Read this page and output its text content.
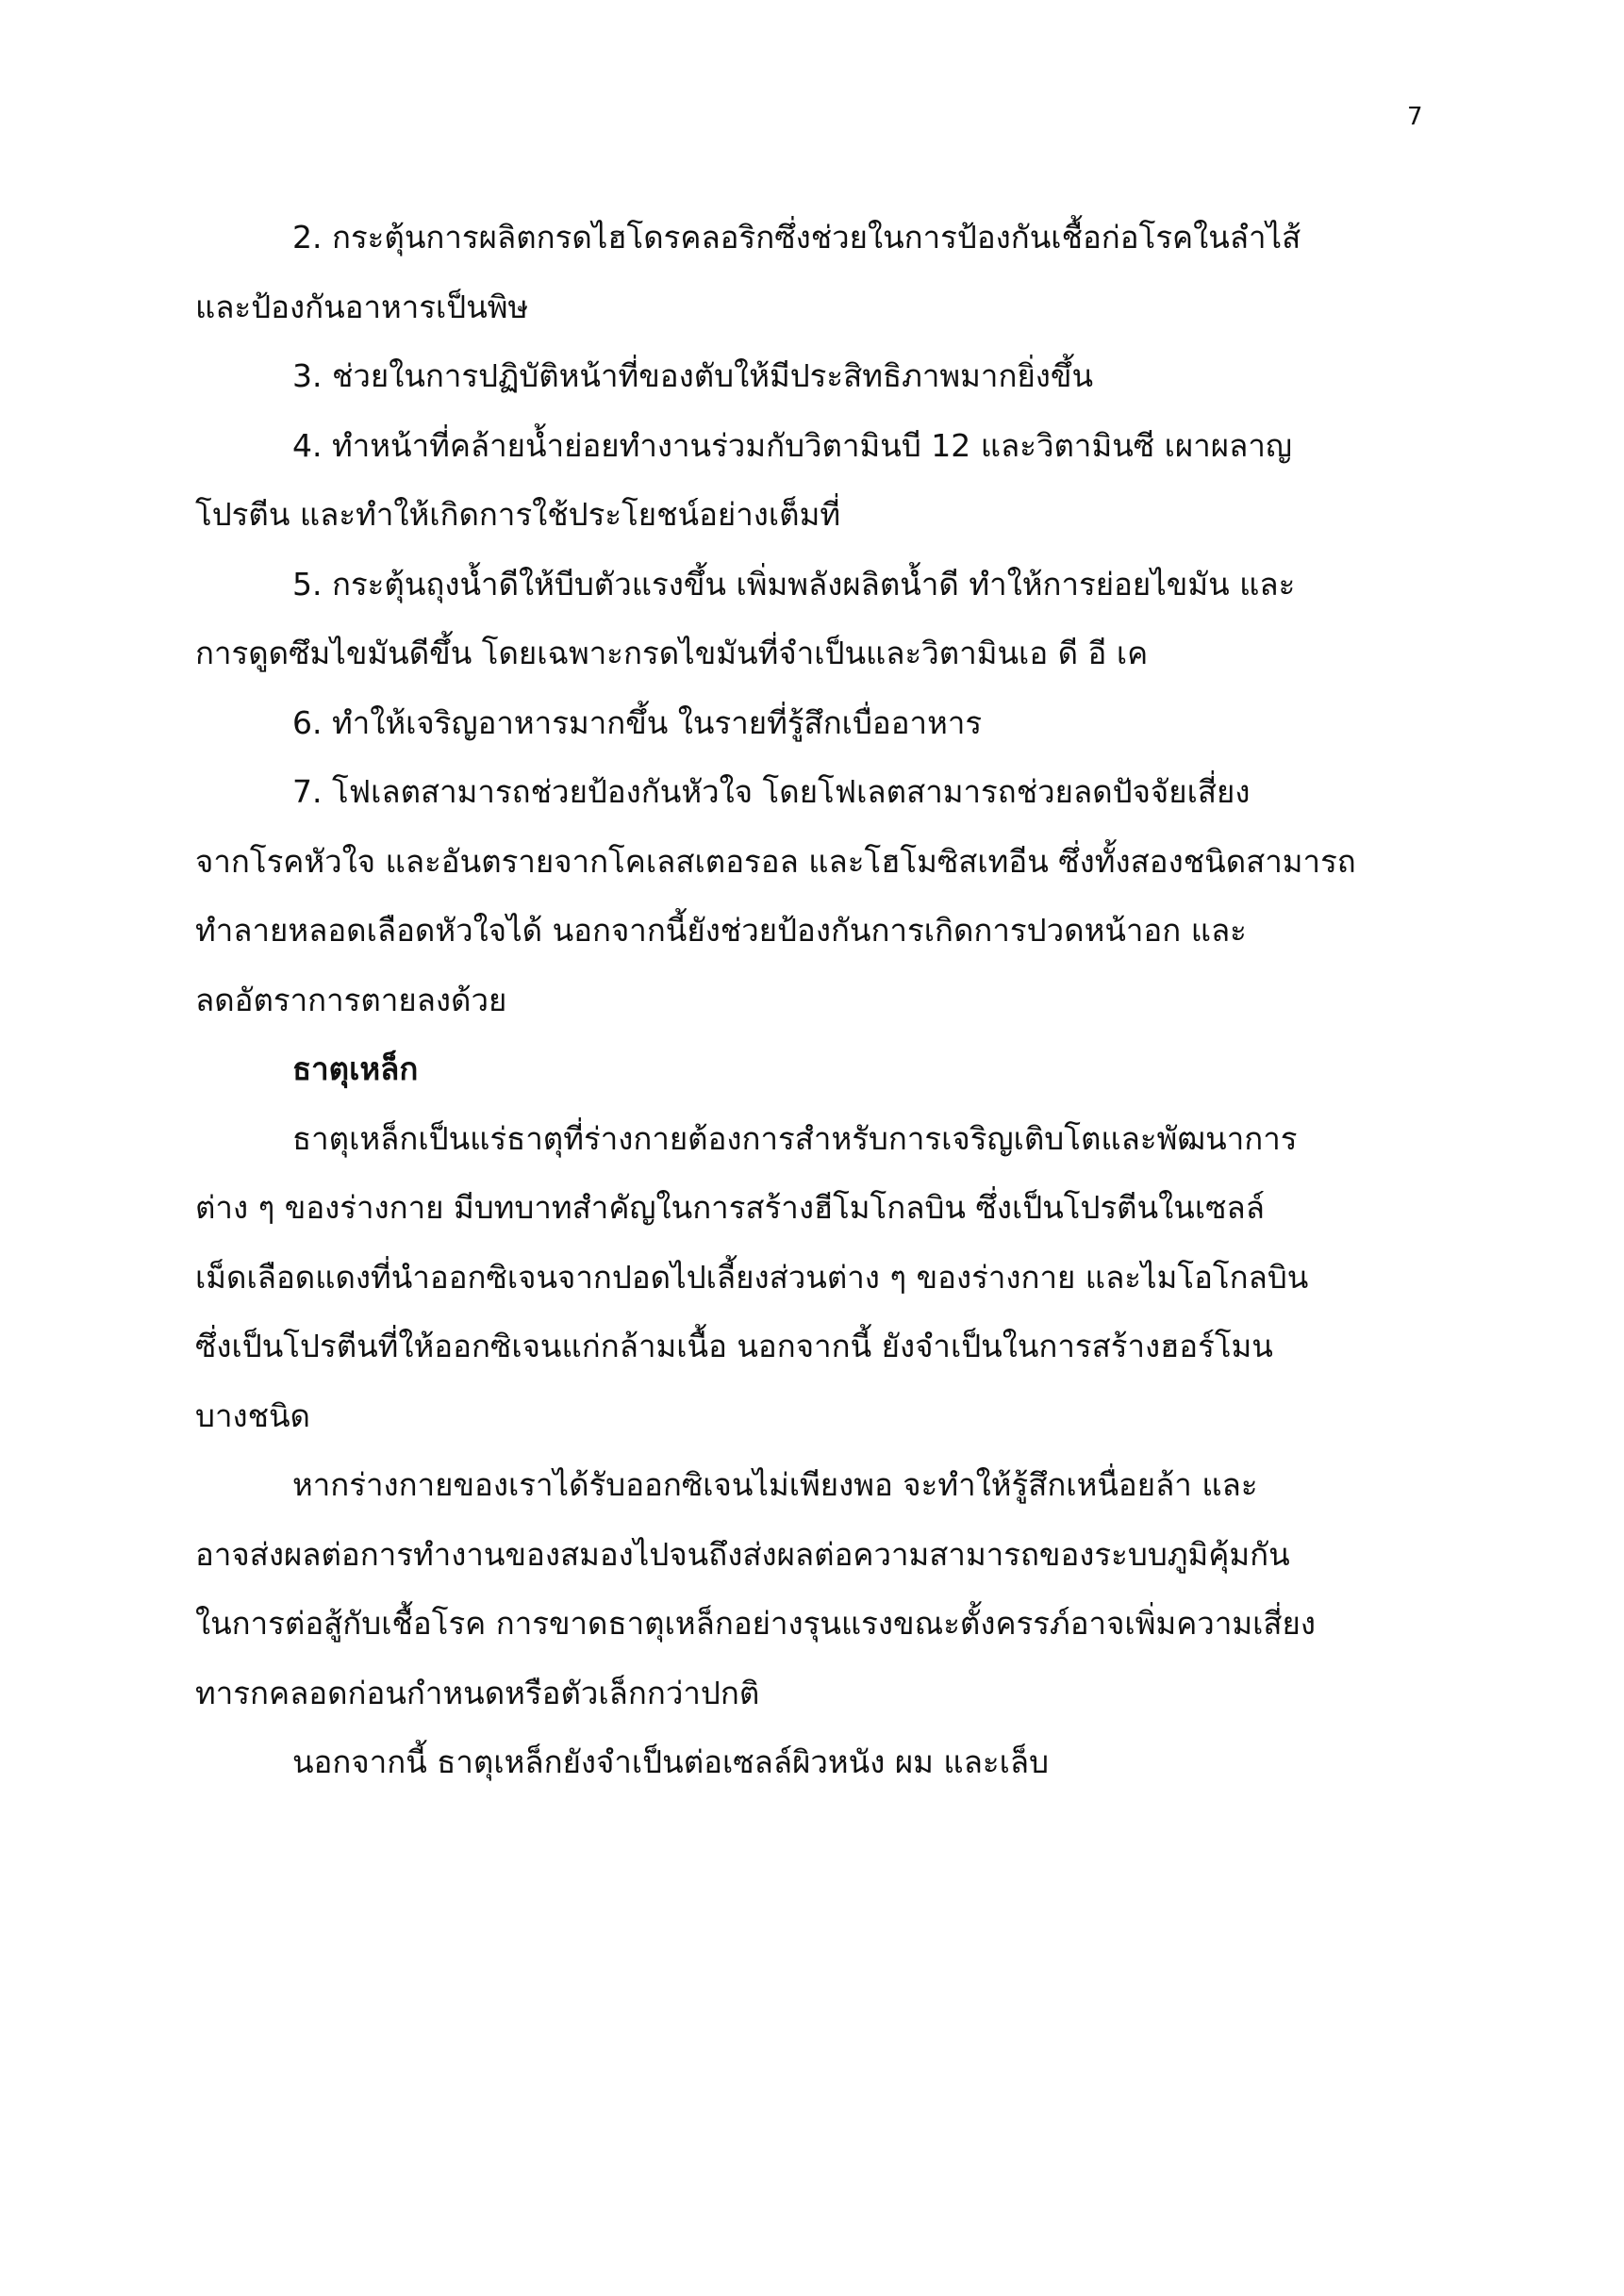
7

2. กระตุ้นการผลิตกรดไฮโดรคลอริกซึ่งช่วยในการป้องกันเชื้อก่อโรคในลำไส้
และป้องกันอาหารเป็นพิษ

3. ช่วยในการปฏิบัติหน้าที่ของตับให้มีประสิทธิภาพมากยิ่งขึ้น

4. ทำหน้าที่คล้ายน้ำย่อยทำงานร่วมกับวิตามินบี 12 และวิตามินซี เผาผลาญ
โปรตีน และทำให้เกิดการใช้ประโยชน์อย่างเต็มที่

5. กระตุ้นถุงน้ำดีให้บีบตัวแรงขึ้น เพิ่มพลังผลิตน้ำดี ทำให้การย่อยไขมัน และ
การดูดซึมไขมันดีขึ้น โดยเฉพาะกรดไขมันที่จำเป็นและวิตามินเอ ดี อี เค

6. ทำให้เจริญอาหารมากขึ้น ในรายที่รู้สึกเบื่ออาหาร

7. โฟเลตสามารถช่วยป้องกันหัวใจ โดยโฟเลตสามารถช่วยลดปัจจัยเสี่ยง
จากโรคหัวใจ และอันตรายจากโคเลสเตอรอล และโฮโมซิสเทอีน ซึ่งทั้งสองชนิดสามารถ
ทำลายหลอดเลือดหัวใจได้ นอกจากนี้ยังช่วยป้องกันการเกิดการปวดหน้าอก และ
ลดอัตราการตายลงด้วย

ธาตุเหล็ก

ธาตุเหล็กเป็นแร่ธาตุที่ร่างกายต้องการสำหรับการเจริญเติบโตและพัฒนาการ
ต่าง ๆ ของร่างกาย มีบทบาทสำคัญในการสร้างฮีโมโกลบิน ซึ่งเป็นโปรตีนในเซลล์
เม็ดเลือดแดงที่นำออกซิเจนจากปอดไปเลี้ยงส่วนต่าง ๆ ของร่างกาย และไมโอโกลบิน
ซึ่งเป็นโปรตีนที่ให้ออกซิเจนแก่กล้ามเนื้อ นอกจากนี้ ยังจำเป็นในการสร้างฮอร์โมน
บางชนิด

หากร่างกายของเราได้รับออกซิเจนไม่เพียงพอ จะทำให้รู้สึกเหนื่อยล้า และ
อาจส่งผลต่อการทำงานของสมองไปจนถึงส่งผลต่อความสามารถของระบบภูมิคุ้มกัน
ในการต่อสู้กับเชื้อโรค การขาดธาตุเหล็กอย่างรุนแรงขณะตั้งครรภ์อาจเพิ่มความเสี่ยง
ทารกคลอดก่อนกำหนดหรือตัวเล็กกว่าปกติ

นอกจากนี้ ธาตุเหล็กยังจำเป็นต่อเซลล์ผิวหนัง ผม และเล็บ
